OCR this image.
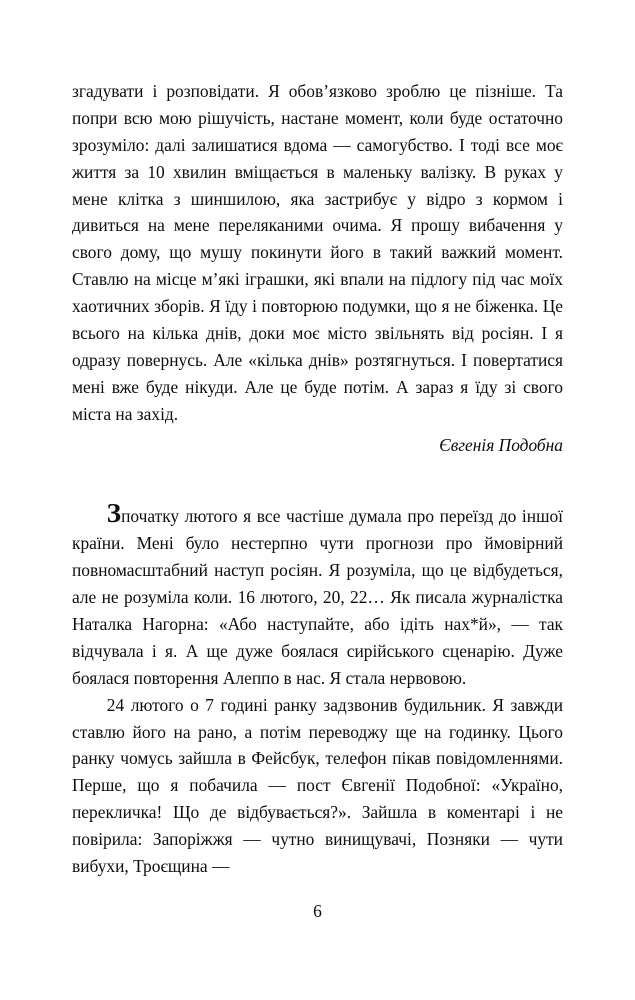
згадувати і розповідати. Я обов’язково зроблю це пізніше. Та попри всю мою рішучість, настане момент, коли буде остаточно зрозуміло: далі залишатися вдома — самогубство. І тоді все моє життя за 10 хвилин вміщається в маленьку валізку. В руках у мене клітка з шиншилою, яка застрибує у відро з кормом і дивиться на мене переляканими очима. Я прошу вибачення у свого дому, що мушу покинути його в такий важкий момент. Ставлю на місце м’які іграшки, які впали на підлогу під час моїх хаотичних зборів. Я їду і повторюю подумки, що я не біженка. Це всього на кілька днів, доки моє місто звільнять від росіян. І я одразу повернусь. Але «кілька днів» розтягнуться. І повертатися мені вже буде нікуди. Але це буде потім. А зараз я їду зі свого міста на захід.

Євгенія Подобна

Зпочатку лютого я все частіше думала про переїзд до іншої країни. Мені було нестерпно чути прогнози про ймовірний повномасштабний наступ росіян. Я розуміла, що це відбудеться, але не розуміла коли. 16 лютого, 20, 22… Як писала журналістка Наталка Нагорна: «Або наступайте, або ідіть нах*й», — так відчувала і я. А ще дуже боялася сирійського сценарію. Дуже боялася повторення Алеппо в нас. Я стала нервовою.

24 лютого о 7 годині ранку задзвонив будильник. Я завжди ставлю його на рано, а потім переводжу ще на годинку. Цього ранку чомусь зайшла в Фейсбук, телефон пікав повідомленнями. Перше, що я побачила — пост Євгенії Подобної: «Україно, перекличка! Що де відбувається?». Зайшла в коментарі і не повірила: Запоріжжя — чутно винищувачі, Позняки — чути вибухи, Троєщина —

6
